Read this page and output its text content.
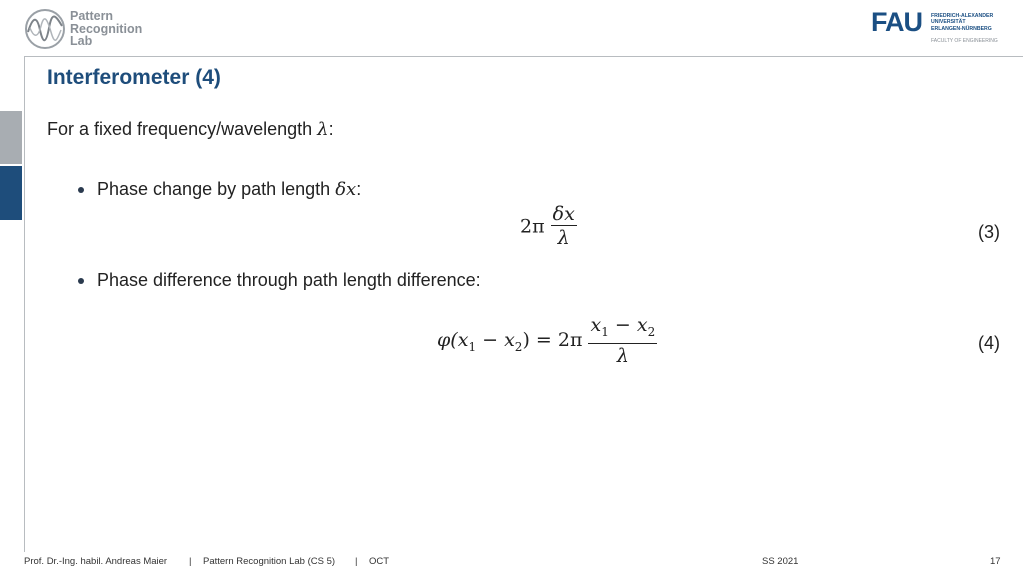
Pattern
Recognition
Lab
FAU FRIEDRICH-ALEXANDER
UNIVERSITÄT
ERLANGEN-NÜRNBERG
FACULTY OF ENGINEERING
Interferometer (4)
For a fixed frequency/wavelength λ:
Phase change by path length δx:
$2\pi \frac{\delta x}{\lambda}$	(3)
Phase difference through path length difference:
$\varphi(x_1 - x_2) = 2\pi \frac{x_1 - x_2}{\lambda}$	(4)
Prof. Dr.-Ing. habil. Andreas Maier | Pattern Recognition Lab (CS 5) | OCT	SS 2021	17
